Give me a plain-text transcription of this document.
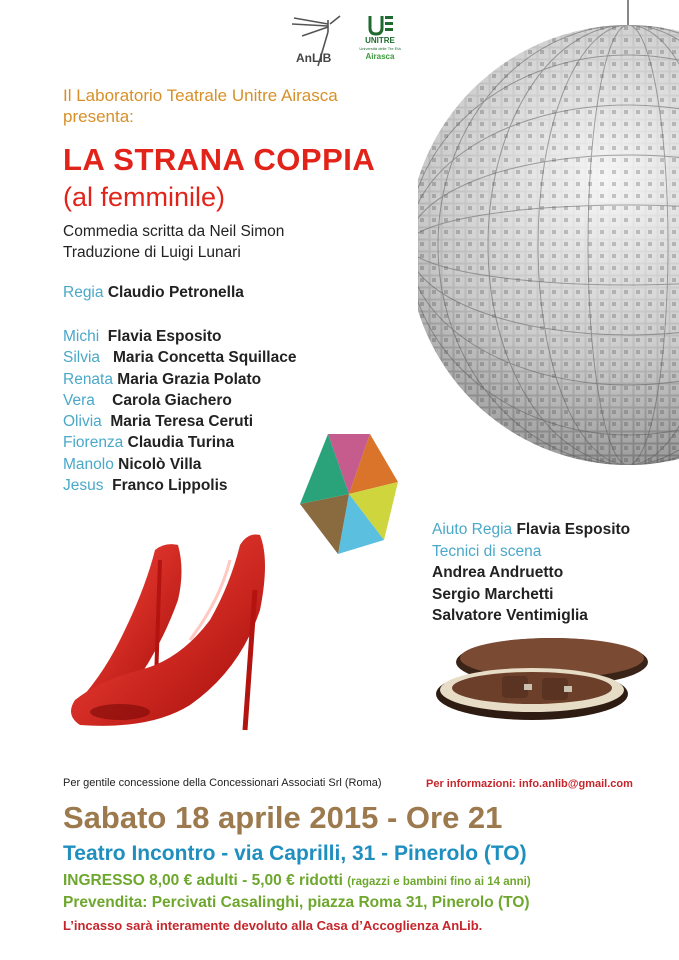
AnLIB
UNITRE
Università delle Tre Età
Airasca
Il Laboratorio Teatrale Unitre Airasca
presenta:
LA STRANA COPPIA
(al femminile)
Commedia scritta da Neil Simon
Traduzione di Luigi Lunari
Regia Claudio Petronella
Michi Flavia Esposito
Silvia Maria Concetta Squillace
Renata Maria Grazia Polato
Vera Carola Giachero
Olivia Maria Teresa Ceruti
Fiorenza Claudia Turina
Manolo Nicolò Villa
Jesus Franco Lippolis
Aiuto Regia Flavia Esposito
Tecnici di scena
Andrea Andruetto
Sergio Marchetti
Salvatore Ventimiglia
Per gentile concessione della Concessionari Associati Srl (Roma)	Per informazioni: info.anlib@gmail.com
Sabato 18 aprile 2015 - Ore 21
Teatro Incontro - via Caprilli, 31 - Pinerolo (TO)
INGRESSO 8,00 € adulti - 5,00 € ridotti (ragazzi e bambini fino ai 14 anni)
Prevendita: Percivati Casalinghi, piazza Roma 31, Pinerolo (TO)
L’incasso sarà interamente devoluto alla Casa d’Accoglienza AnLib.
